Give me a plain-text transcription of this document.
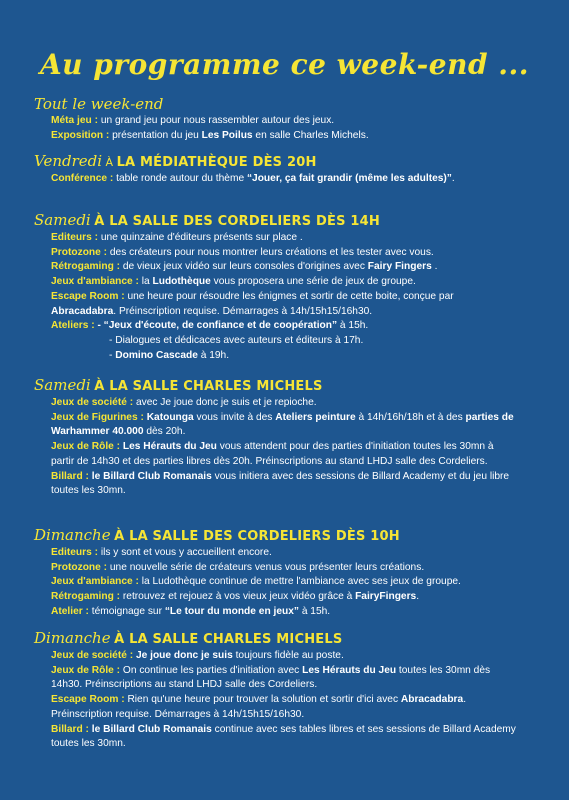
Au programme ce week-end ...
Tout le week-end

Méta jeu : un grand jeu pour nous rassembler autour des jeux.

Exposition : présentation du jeu Les Poilus en salle Charles Michels.

Vendredi À LA MÉDIATHÈQUE DÈS 20H

Conférence : table ronde autour du thème “Jouer, ça fait grandir (même les adultes)”.

Samedi À LA SALLE DES CORDELIERS DÈS 14H

Editeurs : une quinzaine d'éditeurs présents sur place .

Protozone : des créateurs pour nous montrer leurs créations et les tester avec vous.

Rétrogaming : de vieux jeux vidéo sur leurs consoles d'origines avec Fairy Fingers .

Jeux d'ambiance : la Ludothèque vous proposera une série de jeux de groupe.

Escape Room : une heure pour résoudre les énigmes et sortir de cette boite, conçue par Abracadabra. Préinscription requise. Démarrages à 14h/15h15/16h30.

Ateliers : - “Jeux d'écoute, de confiance et de coopération” à 15h.

- Dialogues et dédicaces avec auteurs et éditeurs à 17h.

- Domino Cascade à 19h.

Samedi À LA SALLE CHARLES MICHELS

Jeux de société : avec Je joue donc je suis et je repioche.

Jeux de Figurines : Katounga vous invite à des Ateliers peinture à 14h/16h/18h et à des parties de Warhammer 40.000 dès 20h.

Jeux de Rôle : Les Hérauts du Jeu vous attendent pour des parties d'initiation toutes les 30mn à partir de 14h30 et des parties libres dès 20h. Préinscriptions au stand LHDJ salle des Cordeliers.

Billard : le Billard Club Romanais vous initiera avec des sessions de Billard Academy et du jeu libre toutes les 30mn.

Dimanche À LA SALLE DES CORDELIERS DÈS 10H

Editeurs : ils y sont et vous y accueillent encore.

Protozone : une nouvelle série de créateurs venus vous présenter leurs créations.

Jeux d'ambiance : la Ludothèque continue de mettre l'ambiance avec ses jeux de groupe.

Rétrogaming : retrouvez et rejouez à vos vieux jeux vidéo grâce à FairyFingers.

Atelier : témoignage sur “Le tour du monde en jeux” à 15h.

Dimanche À LA SALLE CHARLES MICHELS

Jeux de société : Je joue donc je suis toujours fidèle au poste.

Jeux de Rôle : On continue les parties d'initiation avec Les Hérauts du Jeu toutes les 30mn dès 14h30. Préinscriptions au stand LHDJ salle des Cordeliers.

Escape Room : Rien qu'une heure pour trouver la solution et sortir d'ici avec Abracadabra. Préinscription requise. Démarrages à 14h/15h15/16h30.

Billard : le Billard Club Romanais continue avec ses tables libres et ses sessions de Billard Academy toutes les 30mn.
